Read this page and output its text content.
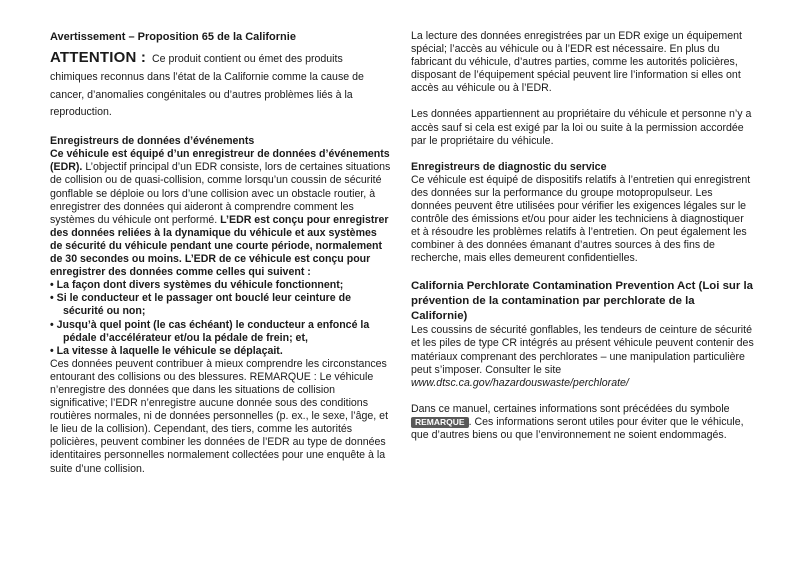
Avertissement – Proposition 65 de la Californie

ATTENTION : Ce produit contient ou émet des produits chimiques reconnus dans l’état de la Californie comme la cause de cancer, d’anomalies congénitales ou d’autres problèmes liés à la reproduction.

Enregistreurs de données d’événements

Ce véhicule est équipé d’un enregistreur de données d’événements (EDR). L’objectif principal d’un EDR consiste, lors de certaines situations de collision ou de quasi-collision, comme lorsqu’un coussin de sécurité gonflable se déploie ou lors d’une collision avec un obstacle routier, à enregistrer des données qui aideront à comprendre comment les systèmes du véhicule ont performé. L’EDR est conçu pour enregistrer des données reliées à la dynamique du véhicule et aux systèmes de sécurité du véhicule pendant une courte période, normalement de 30 secondes ou moins. L’EDR de ce véhicule est conçu pour enregistrer des données comme celles qui suivent :

• La façon dont divers systèmes du véhicule fonctionnent;
• Si le conducteur et le passager ont bouclé leur ceinture de sécurité ou non;
• Jusqu’à quel point (le cas échéant) le conducteur a enfoncé la pédale d’accélérateur et/ou la pédale de frein; et,
• La vitesse à laquelle le véhicule se déplaçait.

Ces données peuvent contribuer à mieux comprendre les circonstances entourant des collisions ou des blessures. REMARQUE : Le véhicule n’enregistre des données que dans les situations de collision significative; l’EDR n’enregistre aucune donnée sous des conditions routières normales, ni de données personnelles (p. ex., le sexe, l’âge, et le lieu de la collision). Cependant, des tiers, comme les autorités policières, peuvent combiner les données de l’EDR au type de données identitaires personnelles normalement collectées pour une enquête à la suite d’une collision.

La lecture des données enregistrées par un EDR exige un équipement spécial; l’accès au véhicule ou à l’EDR est nécessaire. En plus du fabricant du véhicule, d’autres parties, comme les autorités policières, disposant de l’équipement spécial peuvent lire l’information si elles ont accès au véhicule ou à l’EDR.

Les données appartiennent au propriétaire du véhicule et personne n’y a accès sauf si cela est exigé par la loi ou suite à la permission accordée par le propriétaire du véhicule.

Enregistreurs de diagnostic du service

Ce véhicule est équipé de dispositifs relatifs à l’entretien qui enregistrent des données sur la performance du groupe motopropulseur. Les données peuvent être utilisées pour vérifier les exigences légales sur le contrôle des émissions et/ou pour aider les techniciens à diagnostiquer et à résoudre les problèmes relatifs à l’entretien. On peut également les combiner à des données émanant d’autres sources à des fins de recherche, mais elles demeurent confidentielles.

California Perchlorate Contamination Prevention Act (Loi sur la prévention de la contamination par perchlorate de la Californie)

Les coussins de sécurité gonflables, les tendeurs de ceinture de sécurité et les piles de type CR intégrés au présent véhicule peuvent contenir des matériaux comprenant des perchlorates – une manipulation particulière peut s’imposer. Consulter le site www.dtsc.ca.gov/hazardouswaste/perchlorate/

Dans ce manuel, certaines informations sont précédées du symbole REMARQUE . Ces informations seront utiles pour éviter que le véhicule, que d’autres biens ou que l’environnement ne soient endommagés.
